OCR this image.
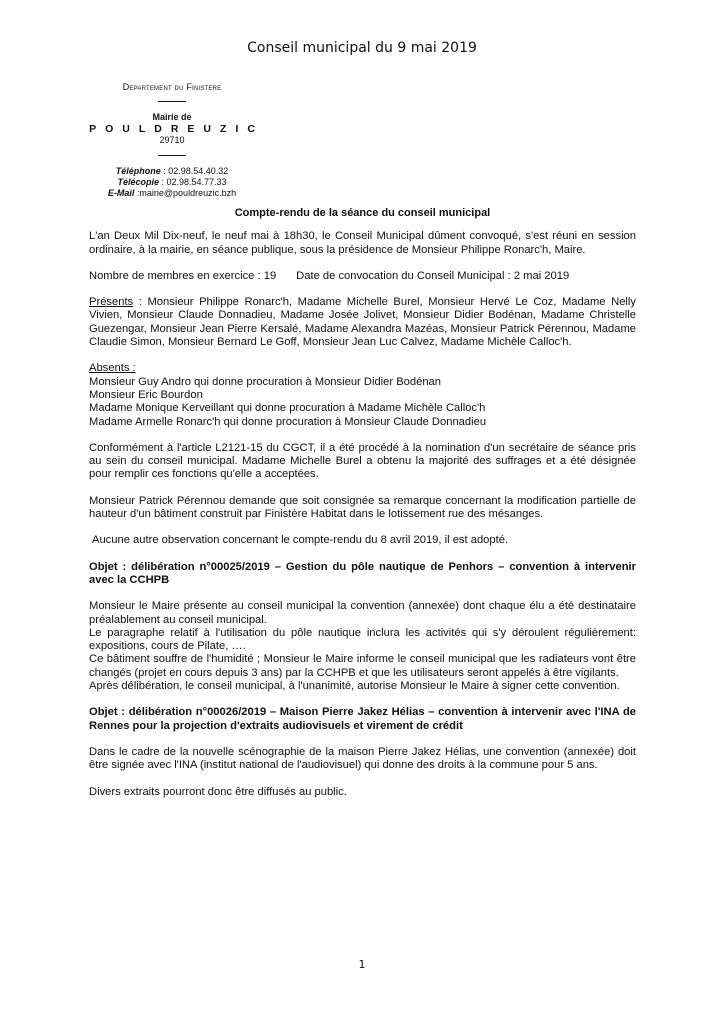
Conseil municipal du 9 mai 2019
Departement du Finistere
Mairie de
POULDREUZIC
29710
Téléphone : 02.98.54.40.32
Télécopie : 02.98.54.77.33
E-Mail :mairie@pouldreuzic.bzh
Compte-rendu de la séance du conseil municipal

L'an Deux Mil Dix-neuf, le neuf mai à 18h30, le Conseil Municipal dûment convoqué, s'est réuni en session ordinaire, à la mairie, en séance publique, sous la présidence de Monsieur Philippe Ronarc'h, Maire.

Nombre de membres en exercice : 19 Date de convocation du Conseil Municipal : 2 mai 2019

Présents : Monsieur Philippe Ronarc'h, Madame Michelle Burel, Monsieur Hervé Le Coz, Madame Nelly Vivien, Monsieur Claude Donnadieu, Madame Josée Jolivet, Monsieur Didier Bodénan, Madame Christelle Guezengar, Monsieur Jean Pierre Kersalé, Madame Alexandra Mazéas, Monsieur Patrick Pérennou, Madame Claudie Simon, Monsieur Bernard Le Goff, Monsieur Jean Luc Calvez, Madame Michèle Calloc'h.

Absents :
Monsieur Guy Andro qui donne procuration à Monsieur Didier Bodénan
Monsieur Eric Bourdon
Madame Monique Kerveillant qui donne procuration à Madame Michèle Calloc'h
Madame Armelle Ronarc'h qui donne procuration à Monsieur Claude Donnadieu

Conformément à l'article L2121-15 du CGCT, il a été procédé à la nomination d'un secrétaire de séance pris au sein du conseil municipal. Madame Michelle Burel a obtenu la majorité des suffrages et a été désignée pour remplir ces fonctions qu'elle a acceptées.

Monsieur Patrick Pérennou demande que soit consignée sa remarque concernant la modification partielle de hauteur d'un bâtiment construit par Finistère Habitat dans le lotissement rue des mésanges.

Aucune autre observation concernant le compte-rendu du 8 avril 2019, il est adopté.

Objet : délibération n°00025/2019 – Gestion du pôle nautique de Penhors – convention à intervenir avec la CCHPB

Monsieur le Maire présente au conseil municipal la convention (annexée) dont chaque élu a été destinataire préalablement au conseil municipal.

Le paragraphe relatif à l'utilisation du pôle nautique inclura les activités qui s'y déroulent régulièrement: expositions, cours de Pilate, ….

Ce bâtiment souffre de l'humidité ; Monsieur le Maire informe le conseil municipal que les radiateurs vont être changés (projet en cours depuis 3 ans) par la CCHPB et que les utilisateurs seront appelés à être vigilants.

Après délibération, le conseil municipal, à l'unanimité, autorise Monsieur le Maire à signer cette convention.

Objet : délibération n°00026/2019 – Maison Pierre Jakez Hélias – convention à intervenir avec l'INA de Rennes pour la projection d'extraits audiovisuels et virement de crédit

Dans le cadre de la nouvelle scénographie de la maison Pierre Jakez Hélias, une convention (annexée) doit être signée avec l'INA (institut national de l'audiovisuel) qui donne des droits à la commune pour 5 ans.

Divers extraits pourront donc être diffusés au public.

1
